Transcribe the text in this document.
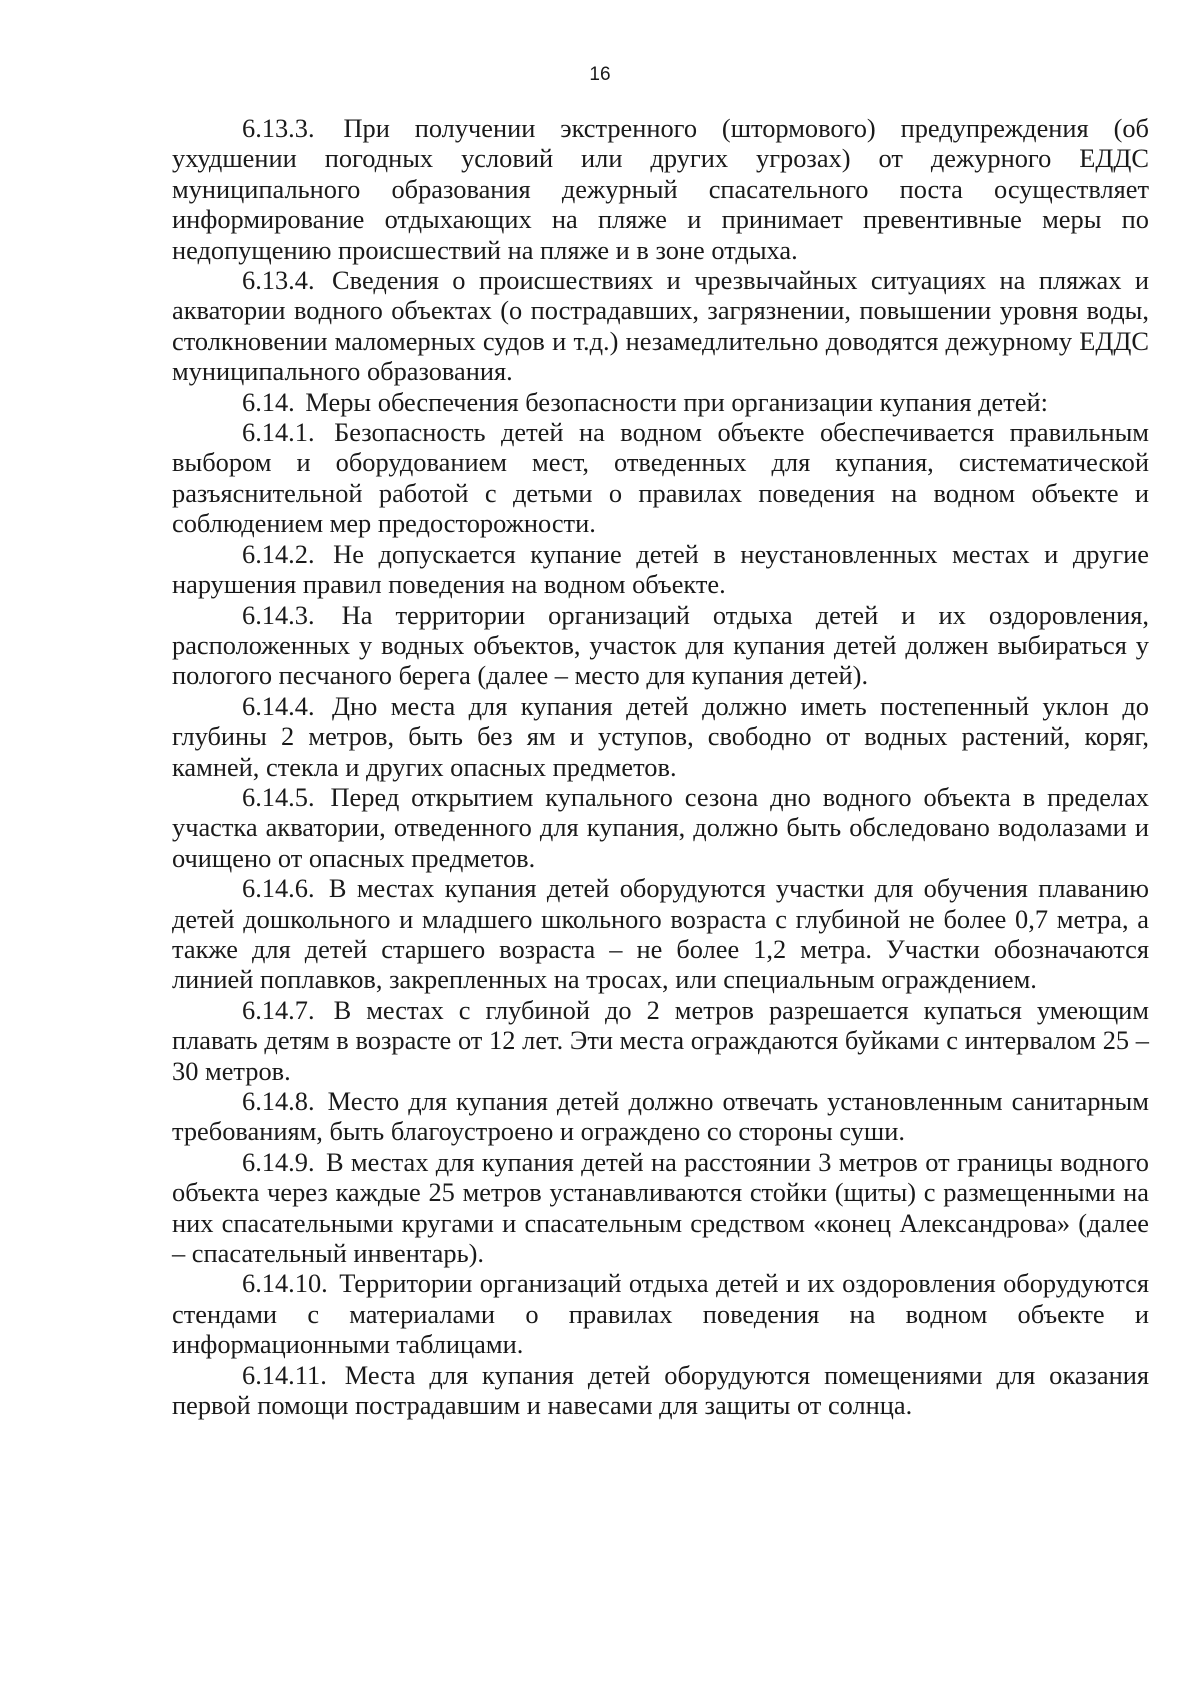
16

6.13.3. При получении экстренного (штормового) предупреждения (об ухудшении погодных условий или других угрозах) от дежурного ЕДДС муниципального образования дежурный спасательного поста осуществляет информирование отдыхающих на пляже и принимает превентивные меры по недопущению происшествий на пляже и в зоне отдыха.

6.13.4. Сведения о происшествиях и чрезвычайных ситуациях на пляжах и акватории водного объектах (о пострадавших, загрязнении, повышении уровня воды, столкновении маломерных судов и т.д.) незамедлительно доводятся дежурному ЕДДС муниципального образования.

6.14. Меры обеспечения безопасности при организации купания детей:

6.14.1. Безопасность детей на водном объекте обеспечивается правильным выбором и оборудованием мест, отведенных для купания, систематической разъяснительной работой с детьми о правилах поведения на водном объекте и соблюдением мер предосторожности.

6.14.2. Не допускается купание детей в неустановленных местах и другие нарушения правил поведения на водном объекте.

6.14.3. На территории организаций отдыха детей и их оздоровления, расположенных у водных объектов, участок для купания детей должен выбираться у пологого песчаного берега (далее – место для купания детей).

6.14.4. Дно места для купания детей должно иметь постепенный уклон до глубины 2 метров, быть без ям и уступов, свободно от водных растений, коряг, камней, стекла и других опасных предметов.

6.14.5. Перед открытием купального сезона дно водного объекта в пределах участка акватории, отведенного для купания, должно быть обследовано водолазами и очищено от опасных предметов.

6.14.6. В местах купания детей оборудуются участки для обучения плаванию детей дошкольного и младшего школьного возраста с глубиной не более 0,7 метра, а также для детей старшего возраста – не более 1,2 метра. Участки обозначаются линией поплавков, закрепленных на тросах, или специальным ограждением.

6.14.7. В местах с глубиной до 2 метров разрешается купаться умеющим плавать детям в возрасте от 12 лет. Эти места ограждаются буйками с интервалом 25 – 30 метров.

6.14.8. Место для купания детей должно отвечать установленным санитарным требованиям, быть благоустроено и ограждено со стороны суши.

6.14.9. В местах для купания детей на расстоянии 3 метров от границы водного объекта через каждые 25 метров устанавливаются стойки (щиты) с размещенными на них спасательными кругами и спасательным средством «конец Александрова» (далее – спасательный инвентарь).

6.14.10. Территории организаций отдыха детей и их оздоровления оборудуются стендами с материалами о правилах поведения на водном объекте и информационными таблицами.

6.14.11. Места для купания детей оборудуются помещениями для оказания первой помощи пострадавшим и навесами для защиты от солнца.
